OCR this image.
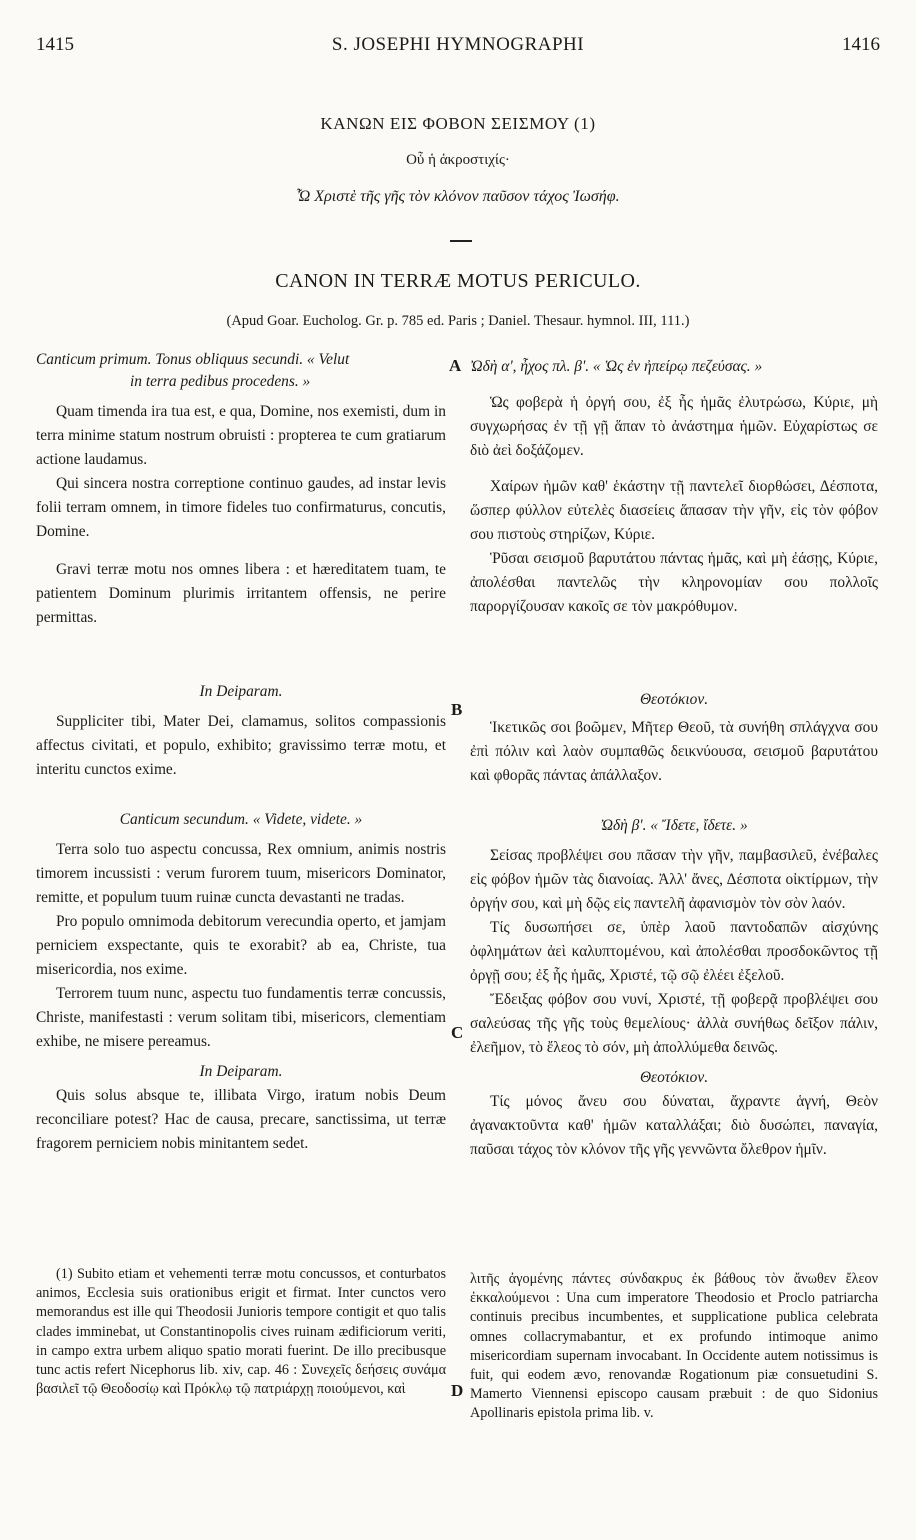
1415	S. JOSEPHI HYMNOGRAPHI	1416
ΚΑΝΩΝ ΕΙΣ ΦΟΒΟΝ ΣΕΙΣΜΟΥ (1)
Οὗ ἡ ἀκροστιχίς·
Ὦ Χριστὲ τῆς γῆς τὸν κλόνον παῦσον τάχος Ἰωσήφ.
CANON IN TERRÆ MOTUS PERICULO.
(Apud Goar. Eucholog. Gr. p. 785 ed. Paris ; Daniel. Thesaur. hymnol. III, 111.)

Canticum primum. Tonus obliquus secundi. « Velut

in terra pedibus procedens. »

Quam timenda ira tua est, e qua, Domine, nos exemisti, dum in terra minime statum nostrum obruisti : propterea te cum gratiarum actione laudamus.

Qui sincera nostra correptione continuo gaudes, ad instar levis folii terram omnem, in timore fideles tuo confirmaturus, concutis, Domine.

Gravi terræ motu nos omnes libera : et hæreditatem tuam, te patientem Dominum plurimis irritantem offensis, ne perire permittas.

In Deiparam.

Suppliciter tibi, Mater Dei, clamamus, solitos compassionis affectus civitati, et populo, exhibito; gravissimo terræ motu, et interitu cunctos exime.

Canticum secundum. « Videte, videte. »

Terra solo tuo aspectu concussa, Rex omnium, animis nostris timorem incussisti : verum furorem tuum, misericors Dominator, remitte, et populum tuum ruinæ cuncta devastanti ne tradas.

Pro populo omnimoda debitorum verecundia operto, et jamjam perniciem exspectante, quis te exorabit? ab ea, Christe, tua misericordia, nos exime.

Terrorem tuum nunc, aspectu tuo fundamentis terræ concussis, Christe, manifestasti : verum solitam tibi, misericors, clementiam exhibe, ne misere pereamus.

In Deiparam.

Quis solus absque te, illibata Virgo, iratum nobis Deum reconciliare potest? Hac de causa, precare, sanctissima, ut terræ fragorem perniciem nobis minitantem sedet.

Ὠδὴ α', ἦχος πλ. β'. « Ὡς ἐν ἠπείρῳ πεζεύσας. »

Ὡς φοβερὰ ἡ ὀργή σου, ἐξ ἧς ἡμᾶς ἐλυτρώσω, Κύριε, μὴ συγχωρήσας ἐν τῇ γῇ ἅπαν τὸ ἀνάστημα ἡμῶν. Εὐχαρίστως σε διὸ ἀεὶ δοξάζομεν.

Χαίρων ἡμῶν καθ' ἑκάστην τῇ παντελεῖ διορθώσει, Δέσποτα, ὥσπερ φύλλον εὐτελὲς διασείεις ἅπασαν τὴν γῆν, εἰς τὸν φόβον σου πιστοὺς στηρίζων, Κύριε.

Ῥῦσαι σεισμοῦ βαρυτάτου πάντας ἡμᾶς, καὶ μὴ ἐάσῃς, Κύριε, ἀπολέσθαι παντελῶς τὴν κληρονομίαν σου πολλοῖς παροργίζουσαν κακοῖς σε τὸν μακρόθυμον.

Θεοτόκιον.

Ἱκετικῶς σοι βοῶμεν, Μῆτερ Θεοῦ, τὰ συνήθη σπλάγχνα σου ἐπὶ πόλιν καὶ λαὸν συμπαθῶς δεικνύουσα, σεισμοῦ βαρυτάτου καὶ φθορᾶς πάντας ἀπάλλαξον.

Ὠδὴ β'. « Ἴδετε, ἴδετε. »

Σείσας προβλέψει σου πᾶσαν τὴν γῆν, παμβασιλεῦ, ἐνέβαλες εἰς φόβον ἡμῶν τὰς διανοίας. Ἀλλ' ἄνες, Δέσποτα οἰκτίρμων, τὴν ὀργήν σου, καὶ μὴ δῷς εἰς παντελῆ ἀφανισμὸν τὸν σὸν λαόν.

Τίς δυσωπήσει σε, ὑπὲρ λαοῦ παντοδαπῶν αἰσχύνης ὀφλημάτων ἀεὶ καλυπτομένου, καὶ ἀπολέσθαι προσδοκῶντος τῇ ὀργῇ σου; ἐξ ἧς ἡμᾶς, Χριστέ, τῷ σῷ ἐλέει ἐξελοῦ.

Ἔδειξας φόβον σου νυνί, Χριστέ, τῇ φοβερᾷ προβλέψει σου σαλεύσας τῆς γῆς τοὺς θεμελίους· ἀλλὰ συνήθως δεῖξον πάλιν, ἐλεῆμον, τὸ ἔλεος τὸ σόν, μὴ ἀπολλύμεθα δεινῶς.

Θεοτόκιον.

Τίς μόνος ἄνευ σου δύναται, ἄχραντε ἁγνή, Θεὸν ἀγανακτοῦντα καθ' ἡμῶν καταλλάξαι; διὸ δυσώπει, παναγία, παῦσαι τάχος τὸν κλόνον τῆς γῆς γεννῶντα ὄλεθρον ἡμῖν.

A
B
C
D

(1) Subito etiam et vehementi terræ motu concussos, et conturbatos animos, Ecclesia suis orationibus erigit et firmat. Inter cunctos vero memorandus est ille qui Theodosii Junioris tempore contigit et quo talis clades imminebat, ut Constantinopolis cives ruinam ædificiorum veriti, in campo extra urbem aliquo spatio morati fuerint. De illo precibusque tunc actis refert Nicephorus lib. xiv, cap. 46 : Συνεχεῖς δεήσεις συνάμα βασιλεῖ τῷ Θεοδοσίῳ καὶ Πρόκλῳ τῷ πατριάρχῃ ποιούμενοι, καὶ

λιτῆς ἀγομένης πάντες σύνδακρυς ἐκ βάθους τὸν ἄνωθεν ἔλεον ἐκκαλούμενοι : Una cum imperatore Theodosio et Proclo patriarcha continuis precibus incumbentes, et supplicatione publica celebrata omnes collacrymabantur, et ex profundo intimoque animo misericordiam supernam invocabant. In Occidente autem notissimus is fuit, qui eodem ævo, renovandæ Rogationum piæ consuetudini S. Mamerto Viennensi episcopo causam præbuit : de quo Sidonius Apollinaris epistola prima lib. v.
